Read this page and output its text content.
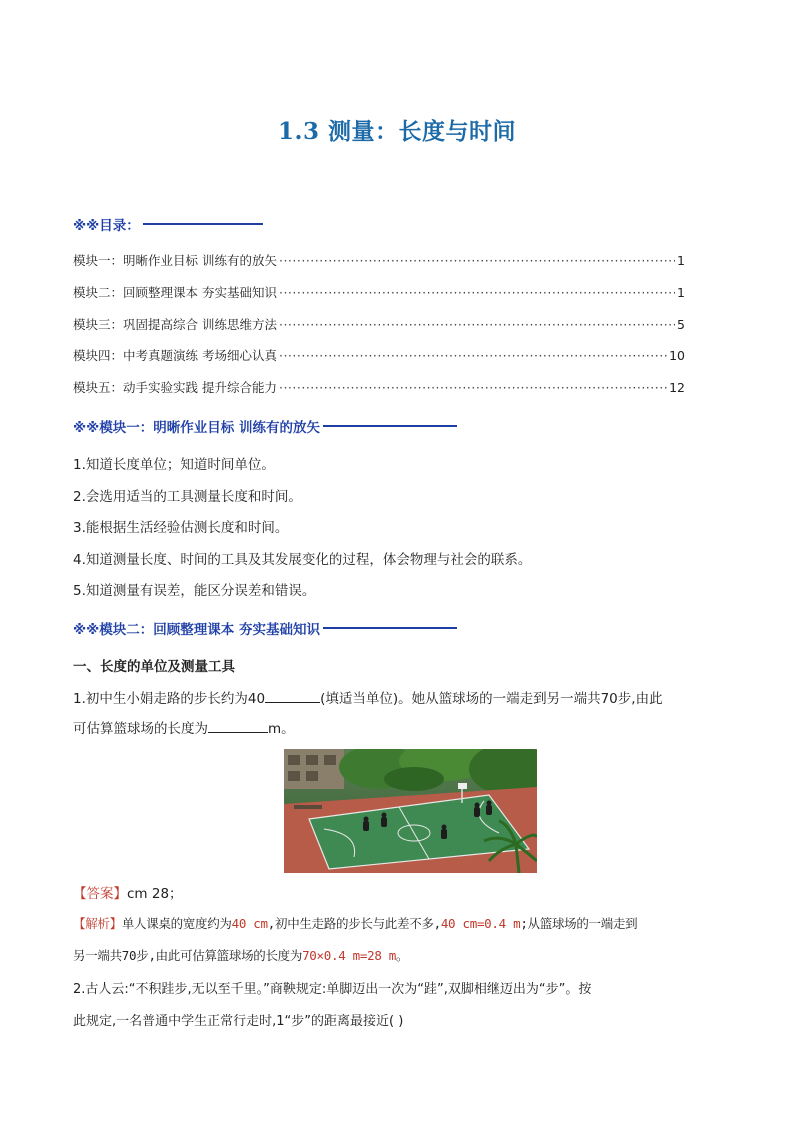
1.3 测量：长度与时间
※※目录：
模块一：明晰作业目标 训练有的放矢 ·····	1
模块二：回顾整理课本 夯实基础知识 ·····	1
模块三：巩固提高综合 训练思维方法 ·····	5
模块四：中考真题演练 考场细心认真 ·····	10
模块五：动手实验实践 提升综合能力 ·····	12
※※模块一：明晰作业目标 训练有的放矢
1.知道长度单位；知道时间单位。
2.会选用适当的工具测量长度和时间。
3.能根据生活经验估测长度和时间。
4.知道测量长度、时间的工具及其发展变化的过程，体会物理与社会的联系。
5.知道测量有误差，能区分误差和错误。
※※模块二：回顾整理课本 夯实基础知识
一、长度的单位及测量工具
1.初中生小娟走路的步长约为40	(填适当单位)。她从篮球场的一端走到另一端共70步,由此
可估算篮球场的长度为	m。
【答案】cm 28；
【解析】单人课桌的宽度约为40 cm,初中生走路的步长与此差不多,40 cm=0.4 m;从篮球场的一端走到
另一端共70步,由此可估算篮球场的长度为70×0.4 m=28 m。
2.古人云:“不积跬步,无以至千里。”商鞅规定:单脚迈出一次为“跬”,双脚相继迈出为“步”。按
此规定,一名普通中学生正常行走时,1“步”的距离最接近( )
